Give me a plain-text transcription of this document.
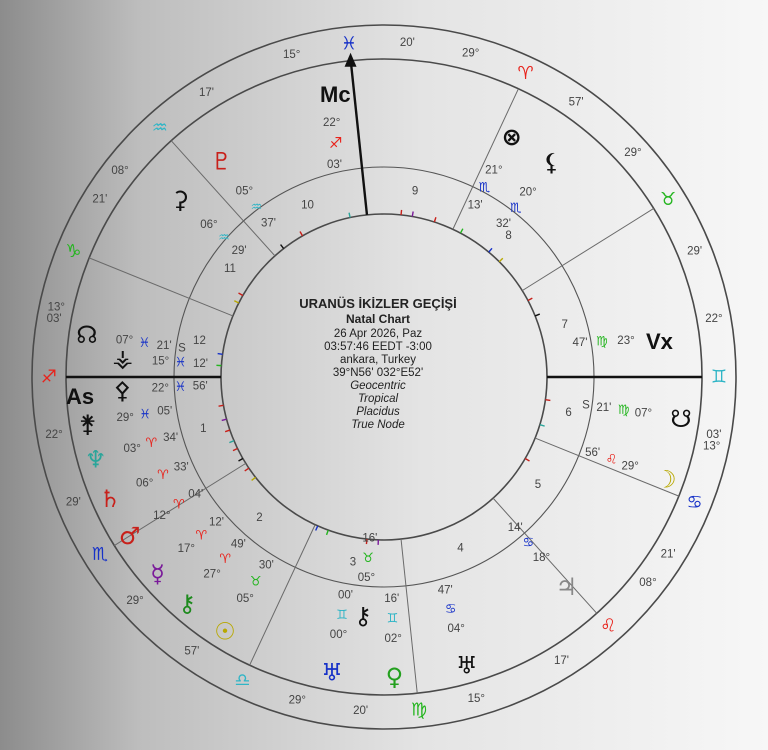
1
2
3
4
5
6
7
8
9
10
11
12
22°
♐
03'
29°
♏
29'
29°
♎
57'
15°
♍
20'
08°
♌
17'
13°
♋
21'
22°
♊
03'
29°
♉
29'
29°
♈
57'
15°
♓	20'
08°
♒
17'
13°
♑
21'
♇
05°
♒
37'
⚳
06°
♒
29'
⊗
21°
♏
13'
⚸
20°
♏
32'
☊ 07° ♓ 21' S
☋
07°
♍
21'
S
☽
29°
♌
56'
♃
18°
♋
14'
♅
04°
♋
47'
⚷
05°
♉
16'
♅
00°
♊
00'
♀
02°
♊
16'
☉
05°
♉
30'
⚷
27°
♈
49'
☿
17°
♈
12'
♂
12°
♈
04'
♄
06°
♈
33'
♆ 03° ♈ 34'
⚵ 29° ♓ 05'
⚴ 22° ♓ 56'
⚶ 15° ♓ 12'
47' ♍ 23°
URANÜS İKİZLER GEÇİŞİ
Natal Chart
26 Apr 2026, Paz
03:57:46 EEDT -3:00
ankara, Turkey
39°N56' 032°E52'
Geocentric
Tropical
Placidus
True Node
Mc
As
Vx
22°
03'
♐
